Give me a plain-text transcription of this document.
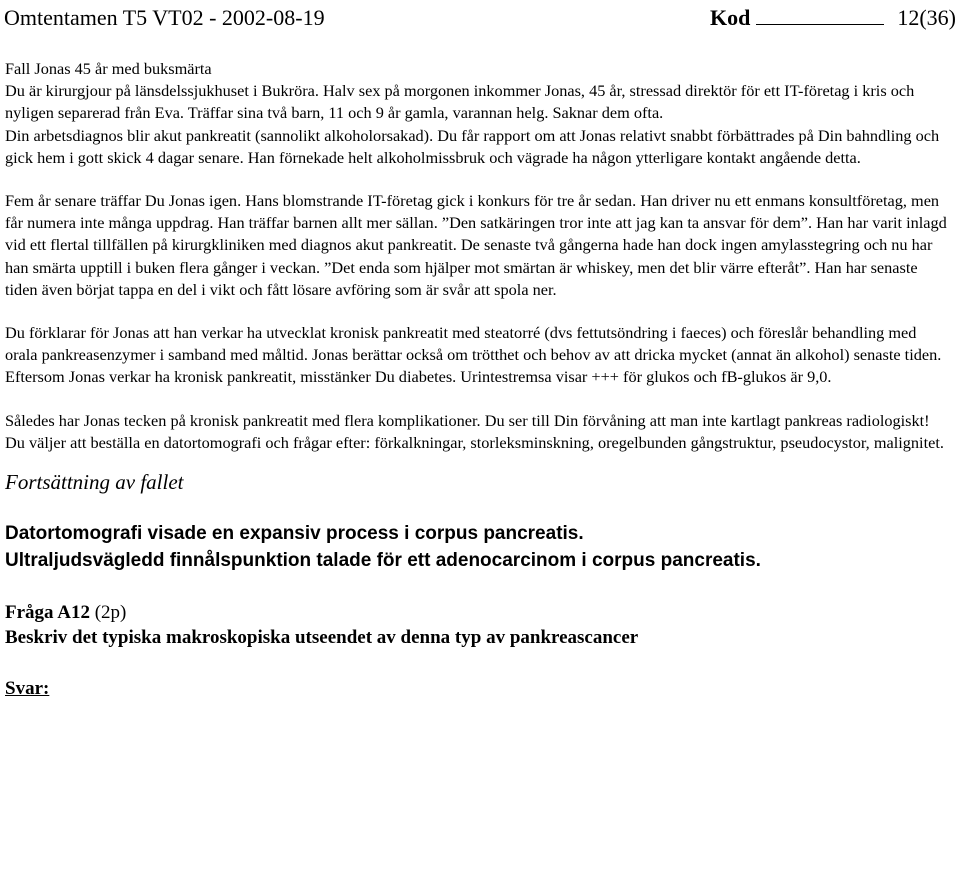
Omtentamen T5 VT02 - 2002-08-19	Kod	12(36)

Fall Jonas 45 år med buksmärta

Du är kirurgjour på länsdelssjukhuset i Bukröra. Halv sex på morgonen inkommer Jonas, 45 år, stressad direktör för ett IT-företag i kris och nyligen separerad från Eva. Träffar sina två barn, 11 och 9 år gamla, varannan helg. Saknar dem ofta.

Din arbetsdiagnos blir akut pankreatit (sannolikt alkoholorsakad). Du får rapport om att Jonas relativt snabbt förbättrades på Din bahndling och gick hem i gott skick 4 dagar senare. Han förnekade helt alkoholmissbruk och vägrade ha någon ytterligare kontakt angående detta.

Fem år senare träffar Du Jonas igen. Hans blomstrande IT-företag gick i konkurs för tre år sedan. Han driver nu ett enmans konsultföretag, men får numera inte många uppdrag. Han träffar barnen allt mer sällan. ”Den satkäringen tror inte att jag kan ta ansvar för dem”. Han har varit inlagd vid ett flertal tillfällen på kirurgkliniken med diagnos akut pankreatit. De senaste två gångerna hade han dock ingen amylasstegring och nu har han smärta upptill i buken flera gånger i veckan. ”Det enda som hjälper mot smärtan är whiskey, men det blir värre efteråt”. Han har senaste tiden även börjat tappa en del i vikt och fått lösare avföring som är svår att spola ner.

Du förklarar för Jonas att han verkar ha utvecklat kronisk pankreatit med steatorré (dvs fettutsöndring i faeces) och föreslår behandling med orala pankreasenzymer i samband med måltid. Jonas berättar också om trötthet och behov av att dricka mycket (annat än alkohol) senaste tiden. Eftersom Jonas verkar ha kronisk pankreatit, misstänker Du diabetes. Urintestremsa visar +++ för glukos och fB-glukos är 9,0.

Således har Jonas tecken på kronisk pankreatit med flera komplikationer. Du ser till Din förvåning att man inte kartlagt pankreas radiologiskt!

Du väljer att beställa en datortomografi och frågar efter: förkalkningar, storleksminskning, oregelbunden gångstruktur, pseudocystor, malignitet.

Fortsättning av fallet

Datortomografi visade en expansiv process i corpus pancreatis.
Ultraljudsvägledd finnålspunktion talade för ett adenocarcinom i corpus pancreatis.

Fråga A12 (2p)

Beskriv det typiska makroskopiska utseendet av denna typ av pankreascancer

Svar:
